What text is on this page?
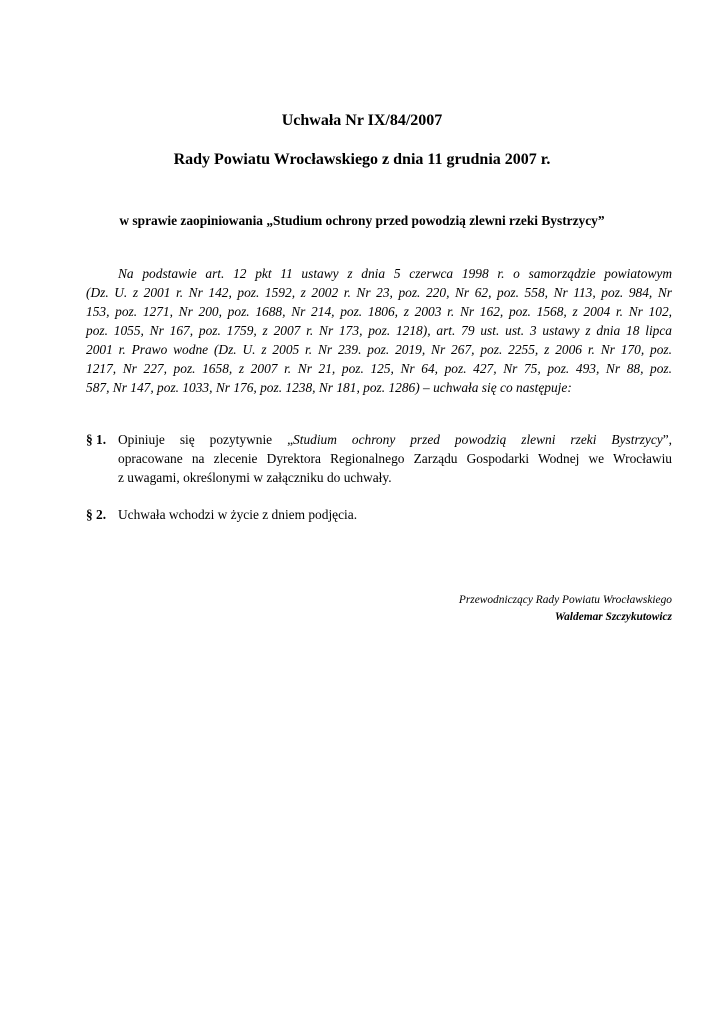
Uchwała Nr IX/84/2007
Rady Powiatu Wrocławskiego z dnia 11 grudnia 2007 r.

w sprawie zaopiniowania „Studium ochrony przed powodzią zlewni rzeki Bystrzycy”

Na podstawie art. 12 pkt 11 ustawy z dnia 5 czerwca 1998 r. o samorządzie powiatowym
(Dz. U. z 2001 r. Nr 142, poz. 1592, z 2002 r. Nr 23, poz. 220, Nr 62, poz. 558, Nr 113, poz. 984, Nr
153, poz. 1271, Nr 200, poz. 1688, Nr 214, poz. 1806, z 2003 r. Nr 162, poz. 1568, z 2004 r. Nr 102,
poz. 1055, Nr 167, poz. 1759, z 2007 r. Nr 173, poz. 1218), art. 79 ust. ust. 3 ustawy z dnia 18 lipca
2001 r. Prawo wodne (Dz. U. z 2005 r. Nr 239. poz. 2019, Nr 267, poz. 2255, z 2006 r. Nr 170, poz.
1217, Nr 227, poz. 1658, z 2007 r. Nr 21, poz. 125, Nr 64, poz. 427, Nr 75, poz. 493, Nr 88, poz.
587, Nr 147, poz. 1033, Nr 176, poz. 1238, Nr 181, poz. 1286) – uchwała się co następuje:
§ 1. Opiniuje się pozytywnie „Studium ochrony przed powodzią zlewni rzeki Bystrzycy”,
opracowane na zlecenie Dyrektora Regionalnego Zarządu Gospodarki Wodnej we Wrocławiu
z uwagami, określonymi w załączniku do uchwały.
§ 2. Uchwała wchodzi w życie z dniem podjęcia.
Przewodniczący Rady Powiatu Wrocławskiego
Waldemar Szczykutowicz
